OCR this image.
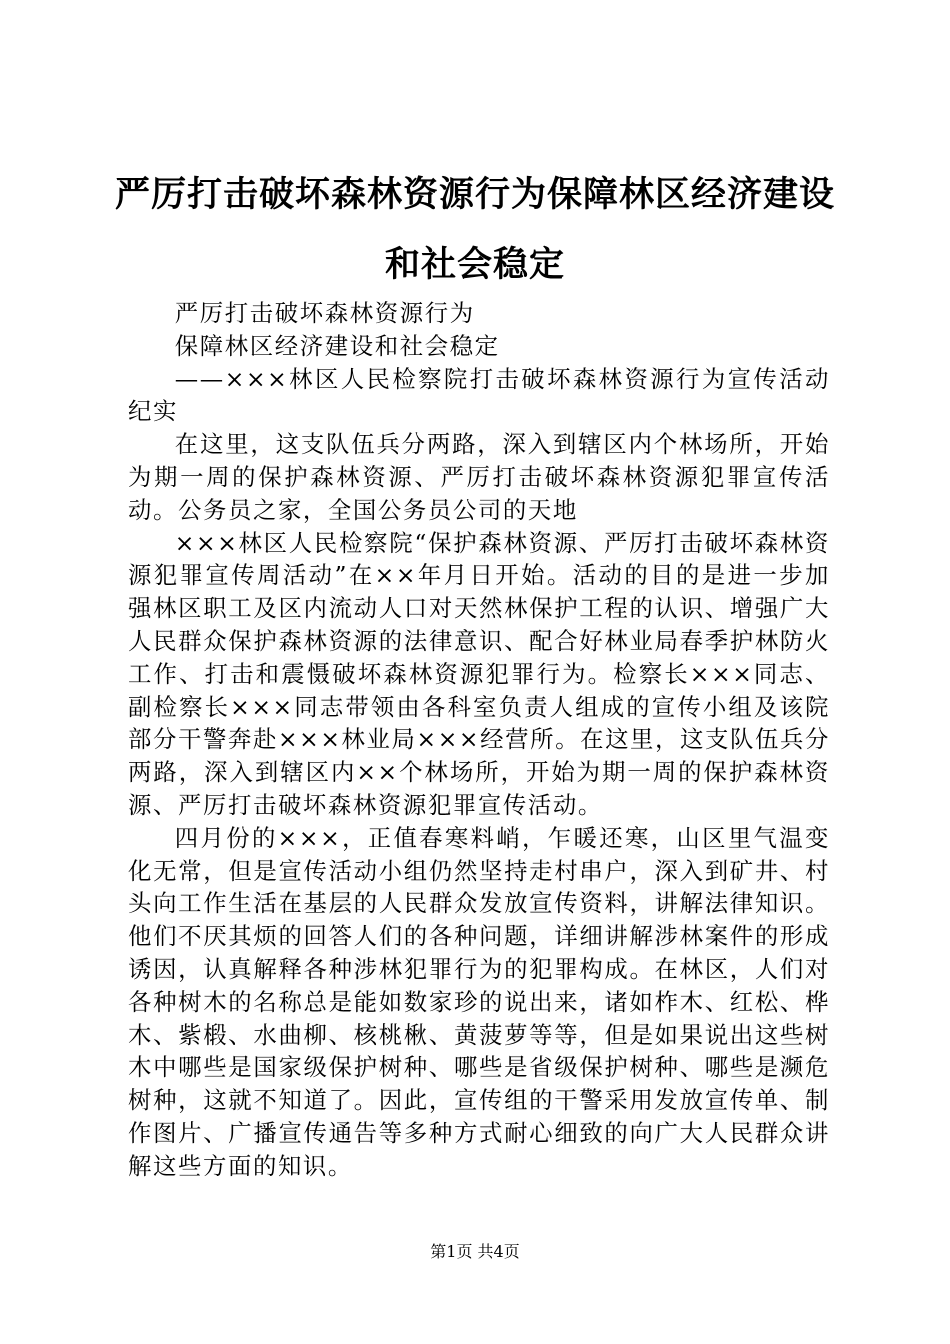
严厉打击破坏森林资源行为保障林区经济建设和社会稳定

严厉打击破坏森林资源行为

保障林区经济建设和社会稳定

——×××林区人民检察院打击破坏森林资源行为宣传活动纪实

在这里，这支队伍兵分两路，深入到辖区内个林场所，开始为期一周的保护森林资源、严厉打击破坏森林资源犯罪宣传活动。公务员之家，全国公务员公司的天地

×××林区人民检察院“保护森林资源、严厉打击破坏森林资源犯罪宣传周活动”在××年月日开始。活动的目的是进一步加强林区职工及区内流动人口对天然林保护工程的认识、增强广大人民群众保护森林资源的法律意识、配合好林业局春季护林防火工作、打击和震慑破坏森林资源犯罪行为。检察长×××同志、副检察长×××同志带领由各科室负责人组成的宣传小组及该院部分干警奔赴×××林业局×××经营所。在这里，这支队伍兵分两路，深入到辖区内××个林场所，开始为期一周的保护森林资源、严厉打击破坏森林资源犯罪宣传活动。

四月份的×××，正值春寒料峭，乍暖还寒，山区里气温变化无常，但是宣传活动小组仍然坚持走村串户，深入到矿井、村头向工作生活在基层的人民群众发放宣传资料，讲解法律知识。他们不厌其烦的回答人们的各种问题，详细讲解涉林案件的形成诱因，认真解释各种涉林犯罪行为的犯罪构成。在林区，人们对各种树木的名称总是能如数家珍的说出来，诸如柞木、红松、桦木、紫椴、水曲柳、核桃楸、黄菠萝等等，但是如果说出这些树木中哪些是国家级保护树种、哪些是省级保护树种、哪些是濒危树种，这就不知道了。因此，宣传组的干警采用发放宣传单、制作图片、广播宣传通告等多种方式耐心细致的向广大人民群众讲解这些方面的知识。

第1页 共4页
